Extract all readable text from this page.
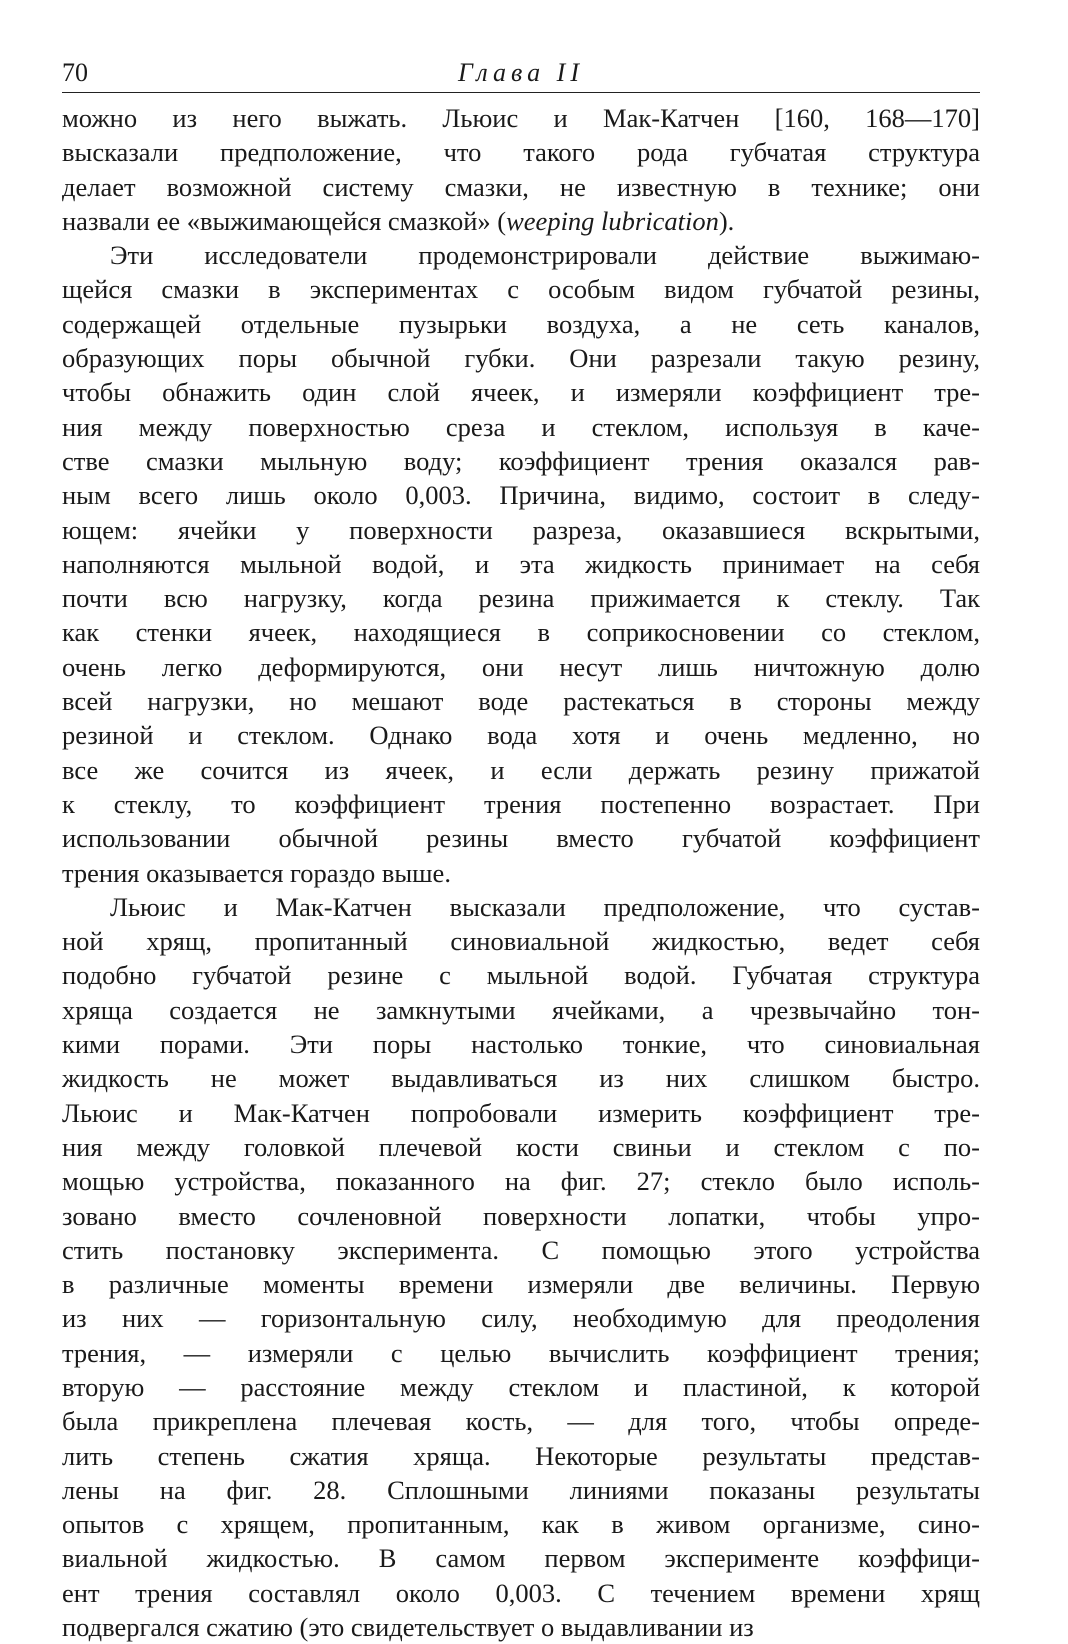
70	Глава II
можно из него выжать. Льюис и Мак-Катчен [160, 168—170]
высказали предположение, что такого рода губчатая структура
делает возможной систему смазки, не известную в технике; они
назвали ее «выжимающейся смазкой» (weeping lubrication).
Эти исследователи продемонстрировали действие выжимаю-
щейся смазки в экспериментах с особым видом губчатой резины,
содержащей отдельные пузырьки воздуха, а не сеть каналов,
образующих поры обычной губки. Они разрезали такую резину,
чтобы обнажить один слой ячеек, и измеряли коэффициент тре-
ния между поверхностью среза и стеклом, используя в каче-
стве смазки мыльную воду; коэффициент трения оказался рав-
ным всего лишь около 0,003. Причина, видимо, состоит в следу-
ющем: ячейки у поверхности разреза, оказавшиеся вскрытыми,
наполняются мыльной водой, и эта жидкость принимает на себя
почти всю нагрузку, когда резина прижимается к стеклу. Так
как стенки ячеек, находящиеся в соприкосновении со стеклом,
очень легко деформируются, они несут лишь ничтожную долю
всей нагрузки, но мешают воде растекаться в стороны между
резиной и стеклом. Однако вода хотя и очень медленно, но
все же сочится из ячеек, и если держать резину прижатой
к стеклу, то коэффициент трения постепенно возрастает. При
использовании обычной резины вместо губчатой коэффициент
трения оказывается гораздо выше.
Льюис и Мак-Катчен высказали предположение, что сустав-
ной хрящ, пропитанный синовиальной жидкостью, ведет себя
подобно губчатой резине с мыльной водой. Губчатая структура
хряща создается не замкнутыми ячейками, а чрезвычайно тон-
кими порами. Эти поры настолько тонкие, что синовиальная
жидкость не может выдавливаться из них слишком быстро.
Льюис и Мак-Катчен попробовали измерить коэффициент тре-
ния между головкой плечевой кости свиньи и стеклом с по-
мощью устройства, показанного на фиг. 27; стекло было исполь-
зовано вместо сочленовной поверхности лопатки, чтобы упро-
стить постановку эксперимента. С помощью этого устройства
в различные моменты времени измеряли две величины. Первую
из них — горизонтальную силу, необходимую для преодоления
трения, — измеряли с целью вычислить коэффициент трения;
вторую — расстояние между стеклом и пластиной, к которой
была прикреплена плечевая кость, — для того, чтобы опреде-
лить степень сжатия хряща. Некоторые результаты представ-
лены на фиг. 28. Сплошными линиями показаны результаты
опытов с хрящем, пропитанным, как в живом организме, сино-
виальной жидкостью. В самом первом эксперименте коэффици-
ент трения составлял около 0,003. С течением времени хрящ
подвергался сжатию (это свидетельствует о выдавливании из
